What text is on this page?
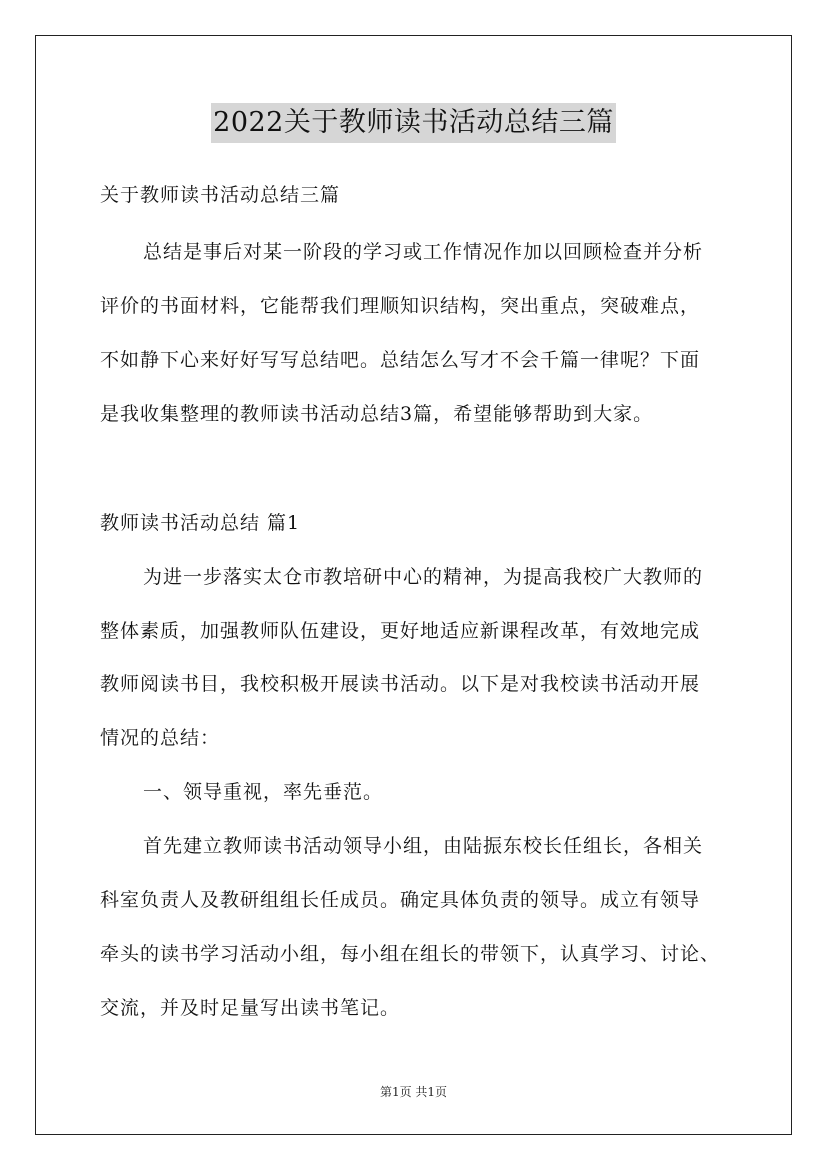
2022关于教师读书活动总结三篇
关于教师读书活动总结三篇
总结是事后对某一阶段的学习或工作情况作加以回顾检查并分析
评价的书面材料，它能帮我们理顺知识结构，突出重点，突破难点，
不如静下心来好好写写总结吧。总结怎么写才不会千篇一律呢？下面
是我收集整理的教师读书活动总结3篇，希望能够帮助到大家。
教师读书活动总结 篇1
为进一步落实太仓市教培研中心的精神，为提高我校广大教师的
整体素质，加强教师队伍建设，更好地适应新课程改革，有效地完成
教师阅读书目，我校积极开展读书活动。以下是对我校读书活动开展
情况的总结：
一、领导重视，率先垂范。
首先建立教师读书活动领导小组，由陆振东校长任组长，各相关
科室负责人及教研组组长任成员。确定具体负责的领导。成立有领导
牵头的读书学习活动小组，每小组在组长的带领下，认真学习、讨论、
交流，并及时足量写出读书笔记。
第1页 共1页
